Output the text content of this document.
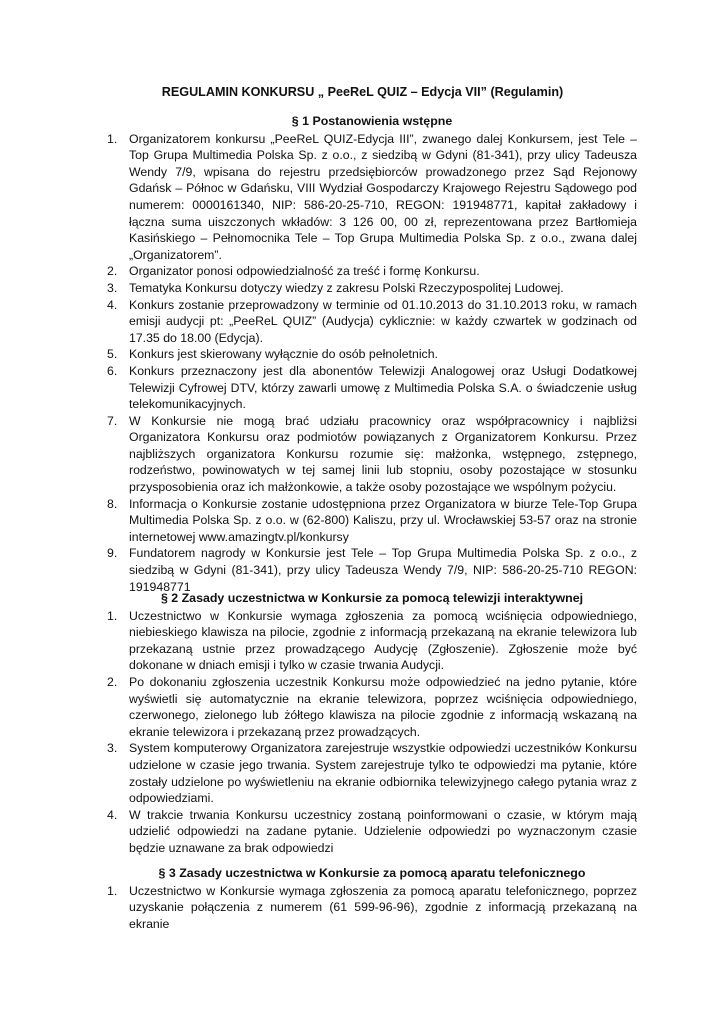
REGULAMIN KONKURSU „ PeeReL QUIZ – Edycja VII” (Regulamin)
§ 1 Postanowienia wstępne
1. Organizatorem konkursu „PeeReL QUIZ-Edycja III”, zwanego dalej Konkursem, jest Tele – Top Grupa Multimedia Polska Sp. z o.o., z siedzibą w Gdyni (81-341), przy ulicy Tadeusza Wendy 7/9, wpisana do rejestru przedsiębiorców prowadzonego przez Sąd Rejonowy Gdańsk – Północ w Gdańsku, VIII Wydział Gospodarczy Krajowego Rejestru Sądowego pod numerem: 0000161340, NIP: 586-20-25-710, REGON: 191948771, kapitał zakładowy i łączna suma uiszczonych wkładów: 3 126 00, 00 zł, reprezentowana przez Bartłomieja Kasińskiego – Pełnomocnika Tele – Top Grupa Multimedia Polska Sp. z o.o., zwana dalej „Organizatorem”.
2. Organizator ponosi odpowiedzialność za treść i formę Konkursu.
3. Tematyka Konkursu dotyczy wiedzy z zakresu Polski Rzeczypospolitej Ludowej.
4. Konkurs zostanie przeprowadzony w terminie od 01.10.2013 do 31.10.2013 roku, w ramach emisji audycji pt: „PeeReL QUIZ” (Audycja) cyklicznie: w każdy czwartek w godzinach od 17.35 do 18.00 (Edycja).
5. Konkurs jest skierowany wyłącznie do osób pełnoletnich.
6. Konkurs przeznaczony jest dla abonentów Telewizji Analogowej oraz Usługi Dodatkowej Telewizji Cyfrowej DTV, którzy zawarli umowę z Multimedia Polska S.A. o świadczenie usług telekomunikacyjnych.
7. W Konkursie nie mogą brać udziału pracownicy oraz współpracownicy i najbliżsi Organizatora Konkursu oraz podmiotów powiązanych z Organizatorem Konkursu. Przez najbliższych organizatora Konkursu rozumie się: małżonka, wstępnego, zstępnego, rodzeństwo, powinowatych w tej samej linii lub stopniu, osoby pozostające w stosunku przysposobienia oraz ich małżonkowie, a także osoby pozostające we wspólnym pożyciu.
8. Informacja o Konkursie zostanie udostępniona przez Organizatora w biurze Tele-Top Grupa Multimedia Polska Sp. z o.o. w (62-800) Kaliszu, przy ul. Wrocławskiej 53-57 oraz na stronie internetowej www.amazingtv.pl/konkursy
9. Fundatorem nagrody w Konkursie jest Tele – Top Grupa Multimedia Polska Sp. z o.o., z siedzibą w Gdyni (81-341), przy ulicy Tadeusza Wendy 7/9, NIP: 586-20-25-710 REGON: 191948771
§ 2 Zasady uczestnictwa w Konkursie za pomocą telewizji interaktywnej
1. Uczestnictwo w Konkursie wymaga zgłoszenia za pomocą wciśnięcia odpowiedniego, niebieskiego klawisza na pilocie, zgodnie z informacją przekazaną na ekranie telewizora lub przekazaną ustnie przez prowadzącego Audycję (Zgłoszenie). Zgłoszenie może być dokonane w dniach emisji i tylko w czasie trwania Audycji.
2. Po dokonaniu zgłoszenia uczestnik Konkursu może odpowiedzieć na jedno pytanie, które wyświetli się automatycznie na ekranie telewizora, poprzez wciśnięcia odpowiedniego, czerwonego, zielonego lub żółtego klawisza na pilocie zgodnie z informacją wskazaną na ekranie telewizora i przekazaną przez prowadzących.
3. System komputerowy Organizatora zarejestruje wszystkie odpowiedzi uczestników Konkursu udzielone w czasie jego trwania. System zarejestruje tylko te odpowiedzi ma pytanie, które zostały udzielone po wyświetleniu na ekranie odbiornika telewizyjnego całego pytania wraz z odpowiedziami.
4. W trakcie trwania Konkursu uczestnicy zostaną poinformowani o czasie, w którym mają udzielić odpowiedzi na zadane pytanie. Udzielenie odpowiedzi po wyznaczonym czasie będzie uznawane za brak odpowiedzi
§ 3 Zasady uczestnictwa w Konkursie za pomocą aparatu telefonicznego
1. Uczestnictwo w Konkursie wymaga zgłoszenia za pomocą aparatu telefonicznego, poprzez uzyskanie połączenia z numerem (61 599-96-96), zgodnie z informacją przekazaną na ekranie
